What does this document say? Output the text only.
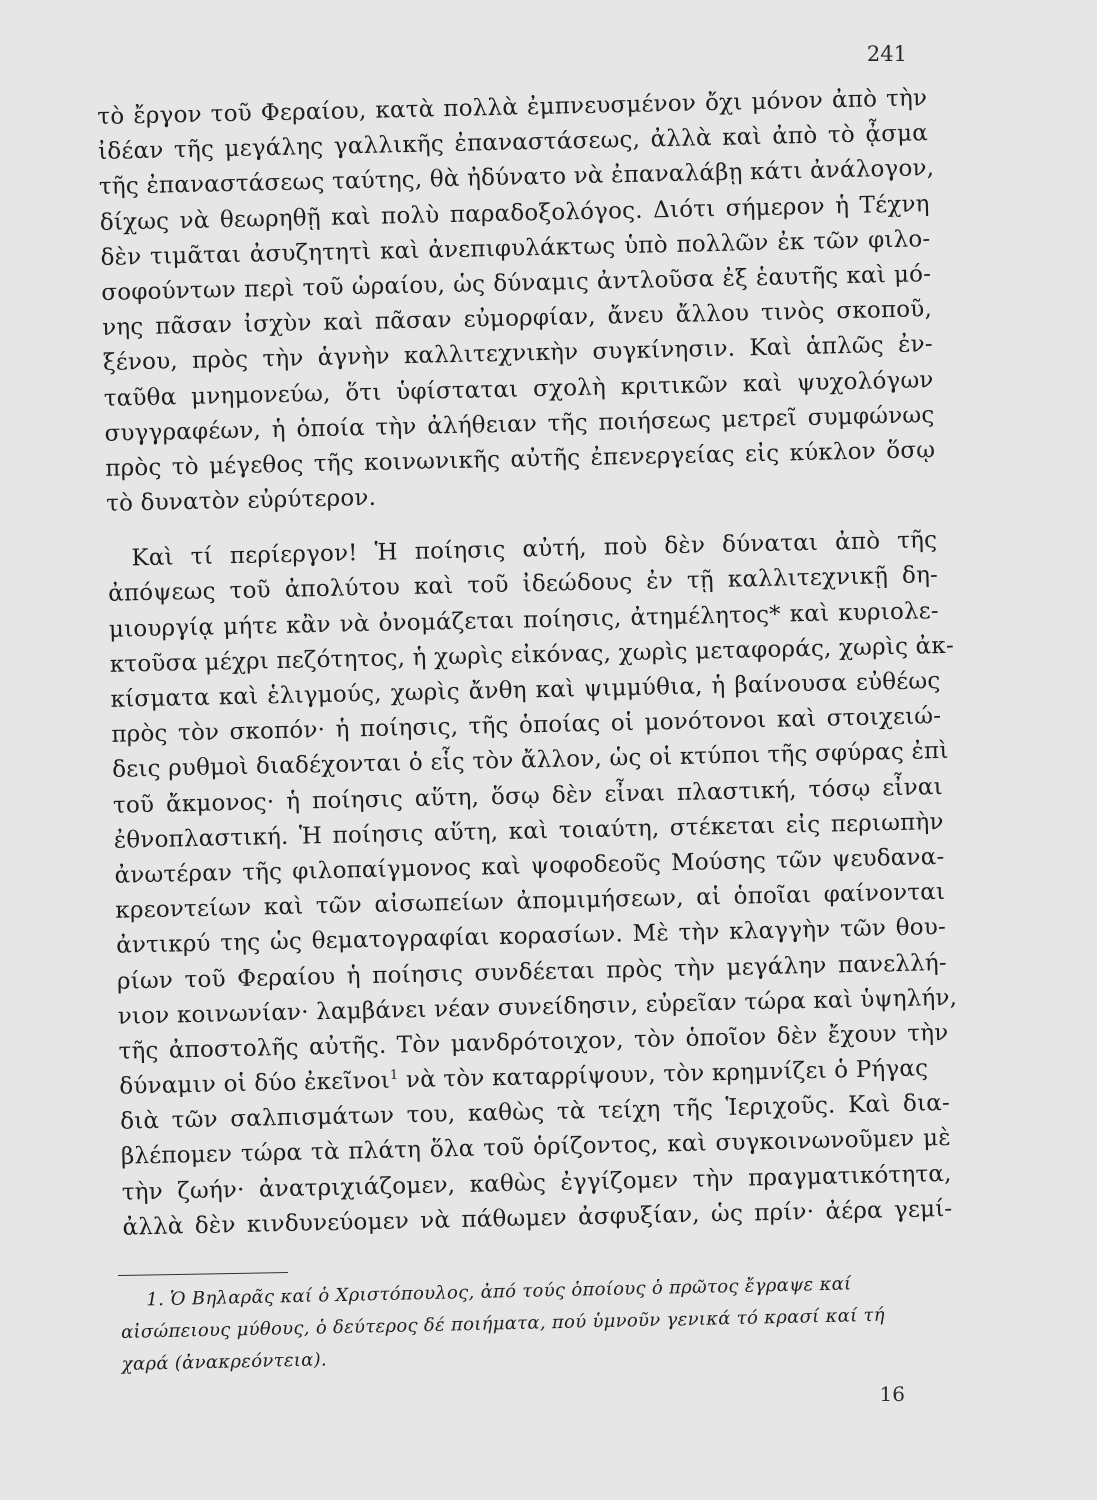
241
τὸ ἔργον τοῦ Φεραίου, κατὰ πολλὰ ἐμπνευσμένον ὄχι μόνον ἀπὸ τὴν
ἰδέαν τῆς μεγάλης γαλλικῆς ἐπαναστάσεως, ἀλλὰ καὶ ἀπὸ τὸ ᾆσμα
τῆς ἐπαναστάσεως ταύτης, θὰ ἠδύνατο νὰ ἐπαναλάβῃ κάτι ἀνάλογον,
δίχως νὰ θεωρηθῇ καὶ πολὺ παραδοξολόγος. Διότι σήμερον ἡ Τέχνη
δὲν τιμᾶται ἀσυζητητὶ καὶ ἀνεπιφυλάκτως ὑπὸ πολλῶν ἐκ τῶν φιλο-
σοφούντων περὶ τοῦ ὡραίου, ὡς δύναμις ἀντλοῦσα ἐξ ἑαυτῆς καὶ μό-
νης πᾶσαν ἰσχὺν καὶ πᾶσαν εὐμορφίαν, ἄνευ ἄλλου τινὸς σκοποῦ,
ξένου, πρὸς τὴν ἁγνὴν καλλιτεχνικὴν συγκίνησιν. Καὶ ἁπλῶς ἐν-
ταῦθα μνημονεύω, ὅτι ὑφίσταται σχολὴ κριτικῶν καὶ ψυχολόγων
συγγραφέων, ἡ ὁποία τὴν ἀλήθειαν τῆς ποιήσεως μετρεῖ συμφώνως
πρὸς τὸ μέγεθος τῆς κοινωνικῆς αὐτῆς ἐπενεργείας εἰς κύκλον ὅσῳ
τὸ δυνατὸν εὐρύτερον.
Καὶ τί περίεργον! Ἡ ποίησις αὐτή, ποὺ δὲν δύναται ἀπὸ τῆς
ἀπόψεως τοῦ ἀπολύτου καὶ τοῦ ἰδεώδους ἐν τῇ καλλιτεχνικῇ δη-
μιουργίᾳ μήτε κἂν νὰ ὀνομάζεται ποίησις, ἀτημέλητος* καὶ κυριολε-
κτοῦσα μέχρι πεζότητος, ἡ χωρὶς εἰκόνας, χωρὶς μεταφοράς, χωρὶς ἀκ-
κίσματα καὶ ἑλιγμούς, χωρὶς ἄνθη καὶ ψιμμύθια, ἡ βαίνουσα εὐθέως
πρὸς τὸν σκοπόν· ἡ ποίησις, τῆς ὁποίας οἱ μονότονοι καὶ στοιχειώ-
δεις ρυθμοὶ διαδέχονται ὁ εἷς τὸν ἄλλον, ὡς οἱ κτύποι τῆς σφύρας ἐπὶ
τοῦ ἄκμονος· ἡ ποίησις αὕτη, ὅσῳ δὲν εἶναι πλαστική, τόσῳ εἶναι
ἐθνοπλαστική. Ἡ ποίησις αὕτη, καὶ τοιαύτη, στέκεται εἰς περιωπὴν
ἀνωτέραν τῆς φιλοπαίγμονος καὶ ψοφοδεοῦς Μούσης τῶν ψευδανα-
κρεοντείων καὶ τῶν αἰσωπείων ἀπομιμήσεων, αἱ ὁποῖαι φαίνονται
ἀντικρύ της ὡς θεματογραφίαι κορασίων. Μὲ τὴν κλαγγὴν τῶν θου-
ρίων τοῦ Φεραίου ἡ ποίησις συνδέεται πρὸς τὴν μεγάλην πανελλή-
νιον κοινωνίαν· λαμβάνει νέαν συνείδησιν, εὐρεῖαν τώρα καὶ ὑψηλήν,
τῆς ἀποστολῆς αὐτῆς. Τὸν μανδρότοιχον, τὸν ὁποῖον δὲν ἔχουν τὴν
δύναμιν οἱ δύο ἐκεῖνοι$^1$ νὰ τὸν καταρρίψουν, τὸν κρημνίζει ὁ Ρήγας
διὰ τῶν σαλπισμάτων του, καθὼς τὰ τείχη τῆς Ἱεριχοῦς. Καὶ δια-
βλέπομεν τώρα τὰ πλάτη ὅλα τοῦ ὁρίζοντος, καὶ συγκοινωνοῦμεν μὲ
τὴν ζωήν· ἀνατριχιάζομεν, καθὼς ἐγγίζομεν τὴν πραγματικότητα,
ἀλλὰ δὲν κινδυνεύομεν νὰ πάθωμεν ἀσφυξίαν, ὡς πρίν· ἀέρα γεμί-
1. Ὁ Βηλαρᾶς καί ὁ Χριστόπουλος, ἀπό τούς ὁποίους ὁ πρῶτος ἔγραψε καί
αἰσώπειους μύθους, ὁ δεύτερος δέ ποιήματα, πού ὑμνοῦν γενικά τό κρασί καί τή
χαρά (ἀνακρεόντεια).
16
